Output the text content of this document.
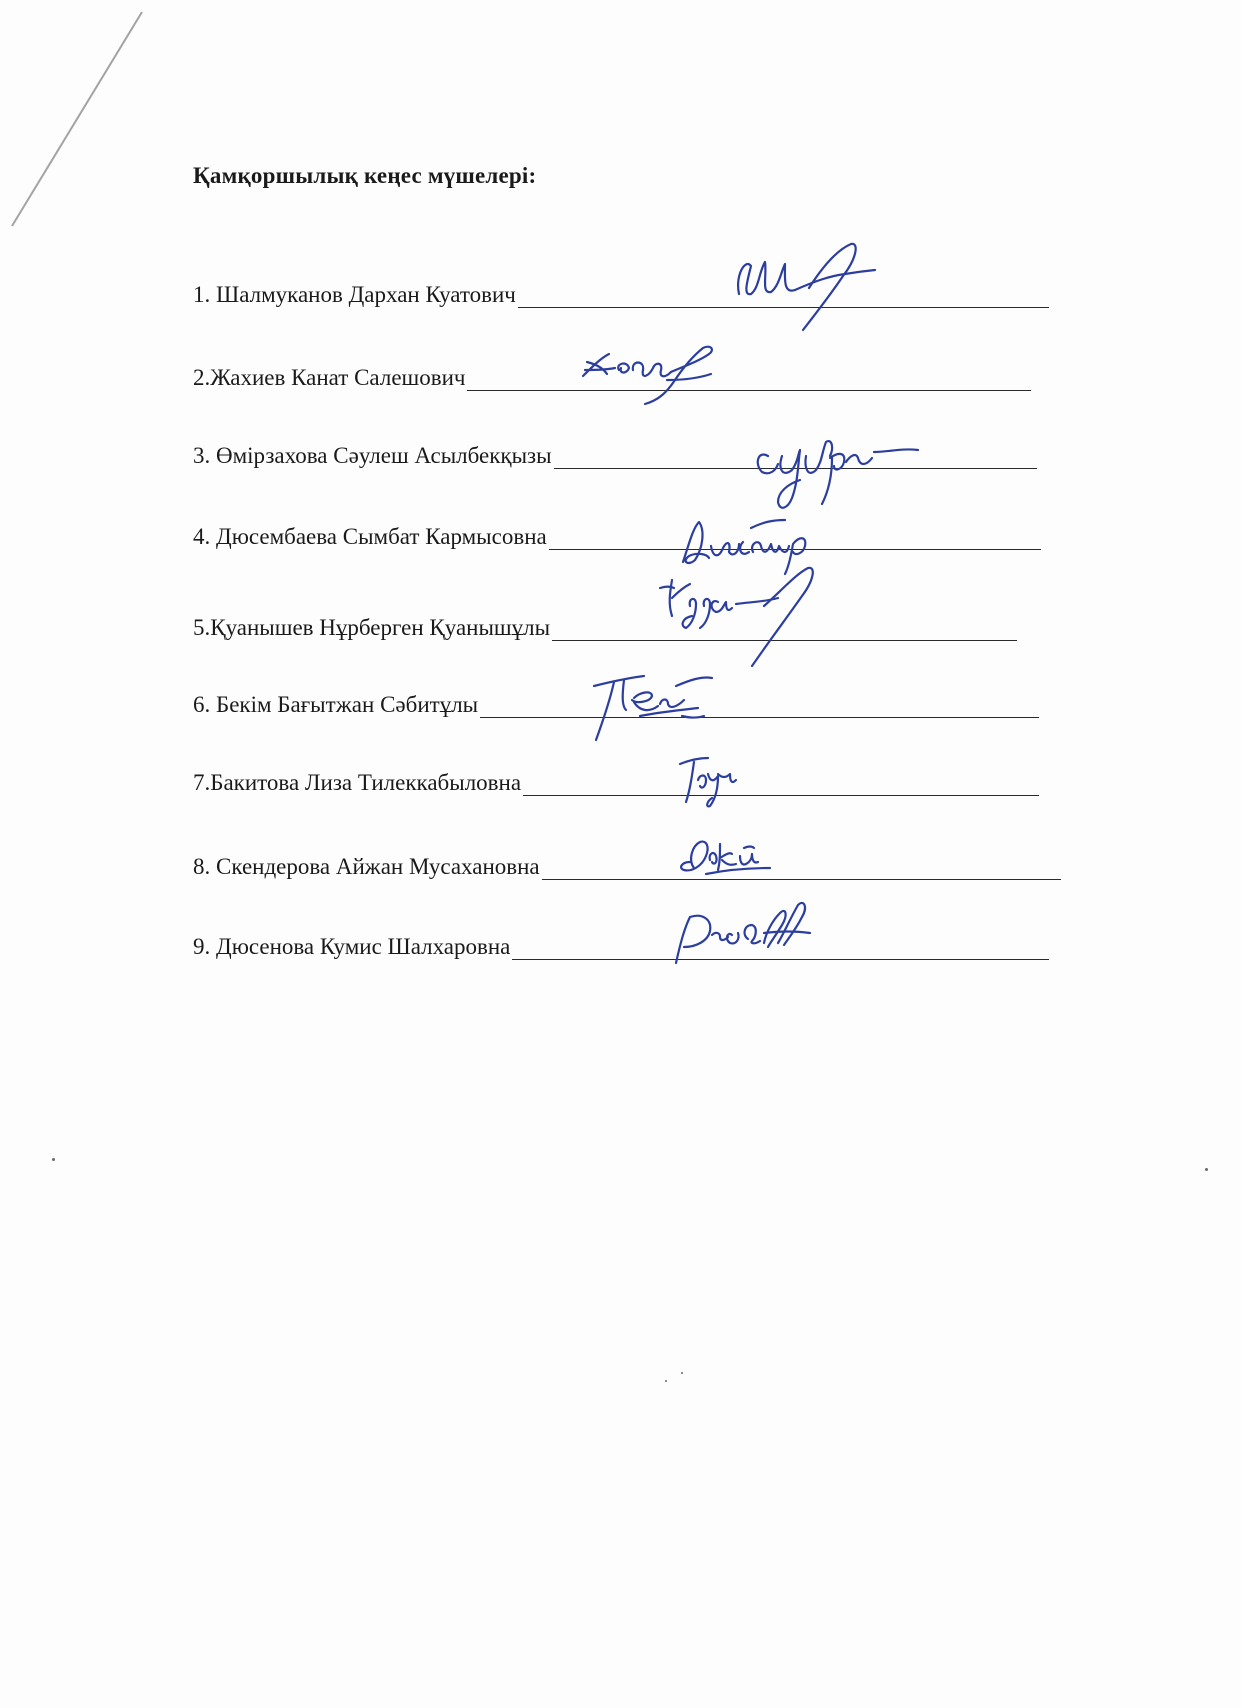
Қамқоршылық кеңес мүшелері:
1. Шалмуканов Дархан Куатович
2.Жахиев Канат Салешович
3. Өмірзахова Сәулеш Асылбекқызы
4. Дюсембаева Сымбат Кармысовна
5.Қуанышев Нұрберген Қуанышұлы
6. Бекім Бағытжан Сәбитұлы
7.Бакитова Лиза Тилеккабыловна
8. Скендерова Айжан Мусахановна
9. Дюсенова Кумис Шалхаровна
